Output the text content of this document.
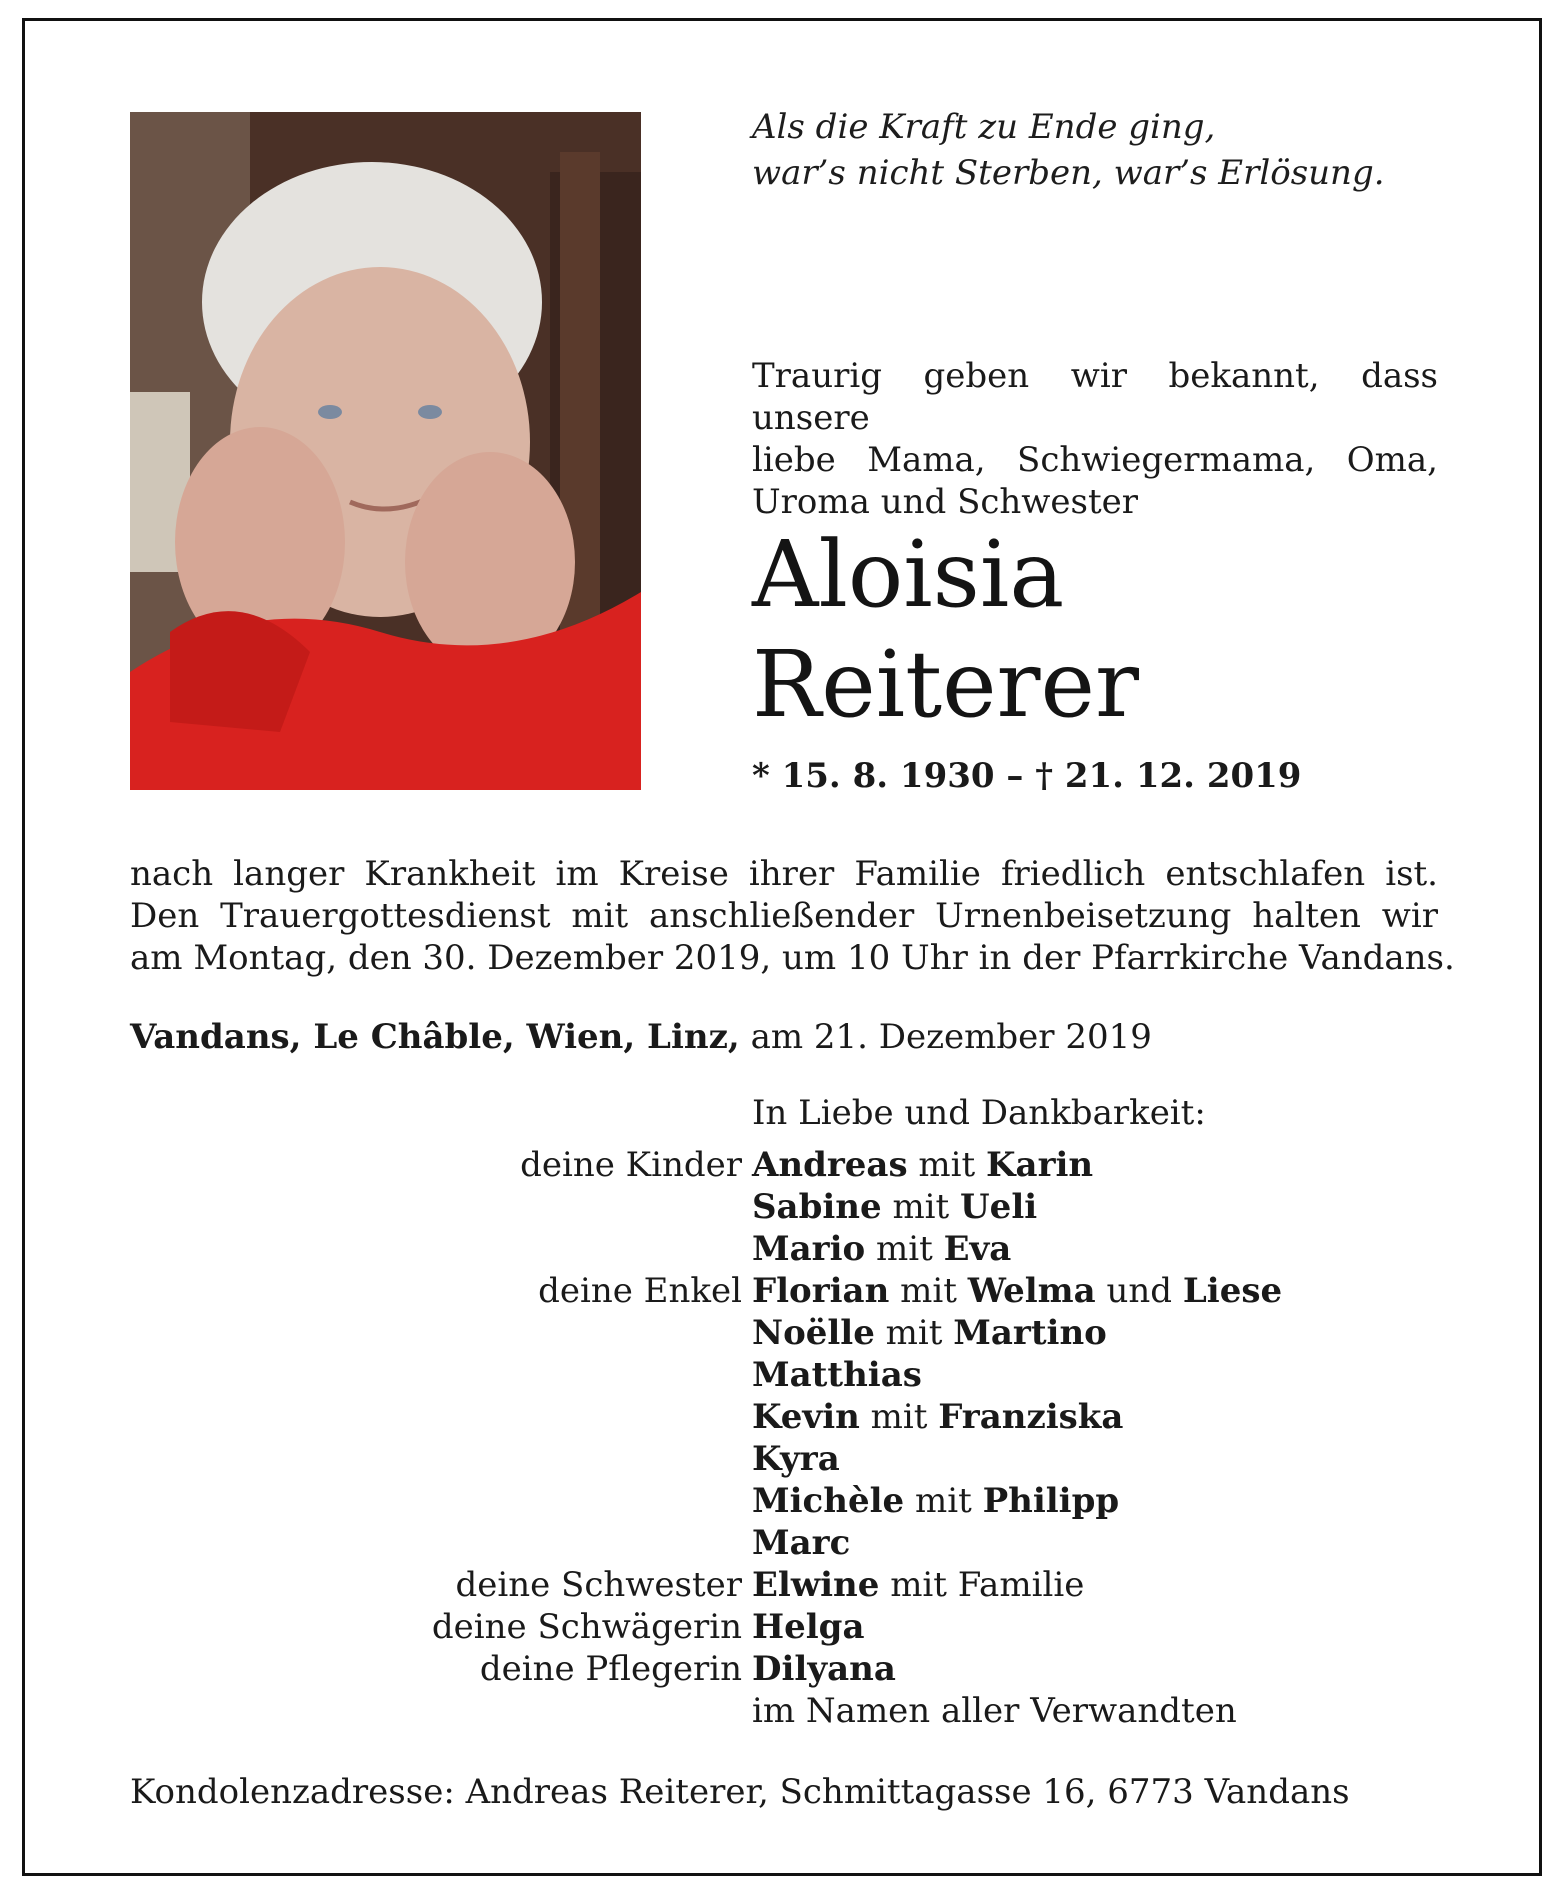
Als die Kraft zu Ende ging,
war’s nicht Sterben, war’s Erlösung.

Traurig geben wir bekannt, dass unsere
liebe Mama, Schwiegermama, Oma,
Uroma und Schwester

Aloisia
Reiterer
* 15. 8. 1930 – † 21. 12. 2019

nach langer Krankheit im Kreise ihrer Familie friedlich entschlafen ist.
Den Trauergottesdienst mit anschließender Urnenbeisetzung halten wir
am Montag, den 30. Dezember 2019, um 10 Uhr in der Pfarrkirche Vandans.

Vandans, Le Châble, Wien, Linz, am 21. Dezember 2019
In Liebe und Dankbarkeit:
deine Kinder Andreas mit Karin
Sabine mit Ueli
Mario mit Eva
deine Enkel Florian mit Welma und Liese
Noëlle mit Martino
Matthias
Kevin mit Franziska
Kyra
Michèle mit Philipp
Marc
deine Schwester Elwine mit Familie
deine Schwägerin Helga
deine Pflegerin Dilyana
im Namen aller Verwandten
Kondolenzadresse: Andreas Reiterer, Schmittagasse 16, 6773 Vandans
